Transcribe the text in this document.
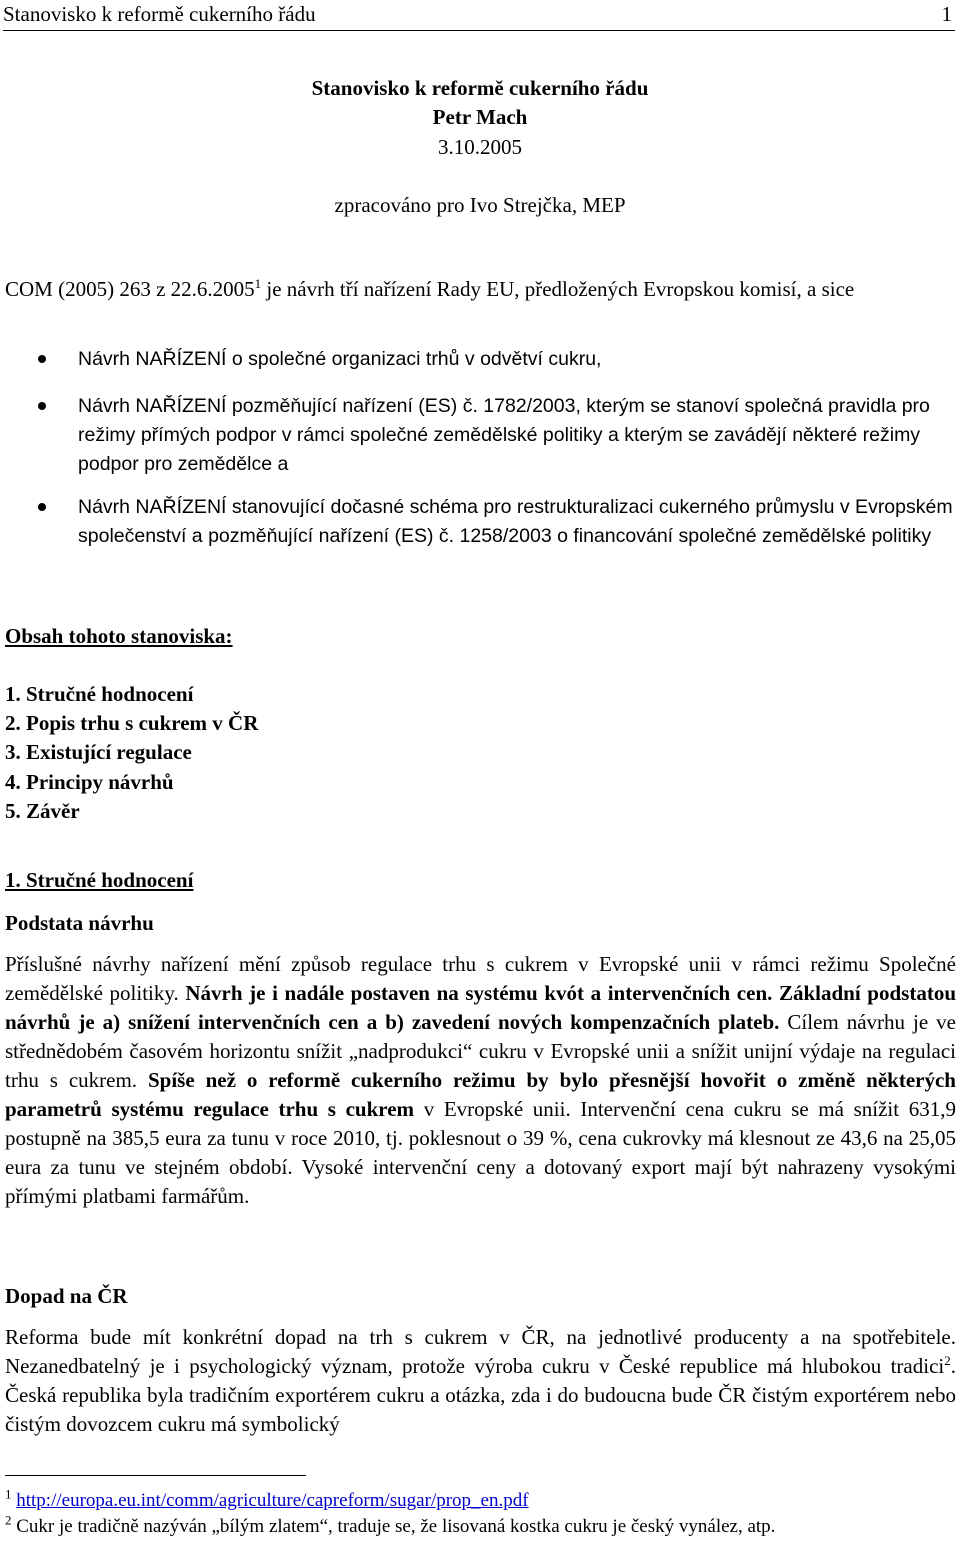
Stanovisko k reformě cukerního řádu	1
Stanovisko k reformě cukerního řádu
Petr Mach
3.10.2005
zpracováno pro Ivo Strejčka, MEP
COM (2005) 263 z 22.6.2005$^1$ je návrh tří nařízení Rady EU, předložených Evropskou komisí, a sice
Návrh NAŘÍZENÍ o společné organizaci trhů v odvětví cukru,
Návrh NAŘÍZENÍ pozměňující nařízení (ES) č. 1782/2003, kterým se stanoví společná pravidla pro režimy přímých podpor v rámci společné zemědělské politiky a kterým se zavádějí některé režimy podpor pro zemědělce a
Návrh NAŘÍZENÍ stanovující dočasné schéma pro restrukturalizaci cukerného průmyslu v Evropském společenství a pozměňující nařízení (ES) č. 1258/2003 o financování společné zemědělské politiky
Obsah tohoto stanoviska:
1. Stručné hodnocení
2. Popis trhu s cukrem v ČR
3. Existující regulace
4. Principy návrhů
5. Závěr
1. Stručné hodnocení
Podstata návrhu
Příslušné návrhy nařízení mění způsob regulace trhu s cukrem v Evropské unii v rámci režimu Společné zemědělské politiky. Návrh je i nadále postaven na systému kvót a intervenčních cen. Základní podstatou návrhů je a) snížení intervenčních cen a b) zavedení nových kompenzačních plateb. Cílem návrhu je ve střednědobém časovém horizontu snížit „nadprodukci“ cukru v Evropské unii a snížit unijní výdaje na regulaci trhu s cukrem. Spíše než o reformě cukerního režimu by bylo přesnější hovořit o změně některých parametrů systému regulace trhu s cukrem v Evropské unii. Intervenční cena cukru se má snížit 631,9 postupně na 385,5 eura za tunu v roce 2010, tj. poklesnout o 39 %, cena cukrovky má klesnout ze 43,6 na 25,05 eura za tunu ve stejném období. Vysoké intervenční ceny a dotovaný export mají být nahrazeny vysokými přímými platbami farmářům.
Dopad na ČR
Reforma bude mít konkrétní dopad na trh s cukrem v ČR, na jednotlivé producenty a na spotřebitele. Nezanedbatelný je i psychologický význam, protože výroba cukru v České republice má hlubokou tradici$^2$. Česká republika byla tradičním exportérem cukru a otázka, zda i do budoucna bude ČR čistým exportérem nebo čistým dovozcem cukru má symbolický
$^1$ http://europa.eu.int/comm/agriculture/capreform/sugar/prop_en.pdf
$^2$ Cukr je tradičně nazýván „bílým zlatem“, traduje se, že lisovaná kostka cukru je český vynález, atp.
